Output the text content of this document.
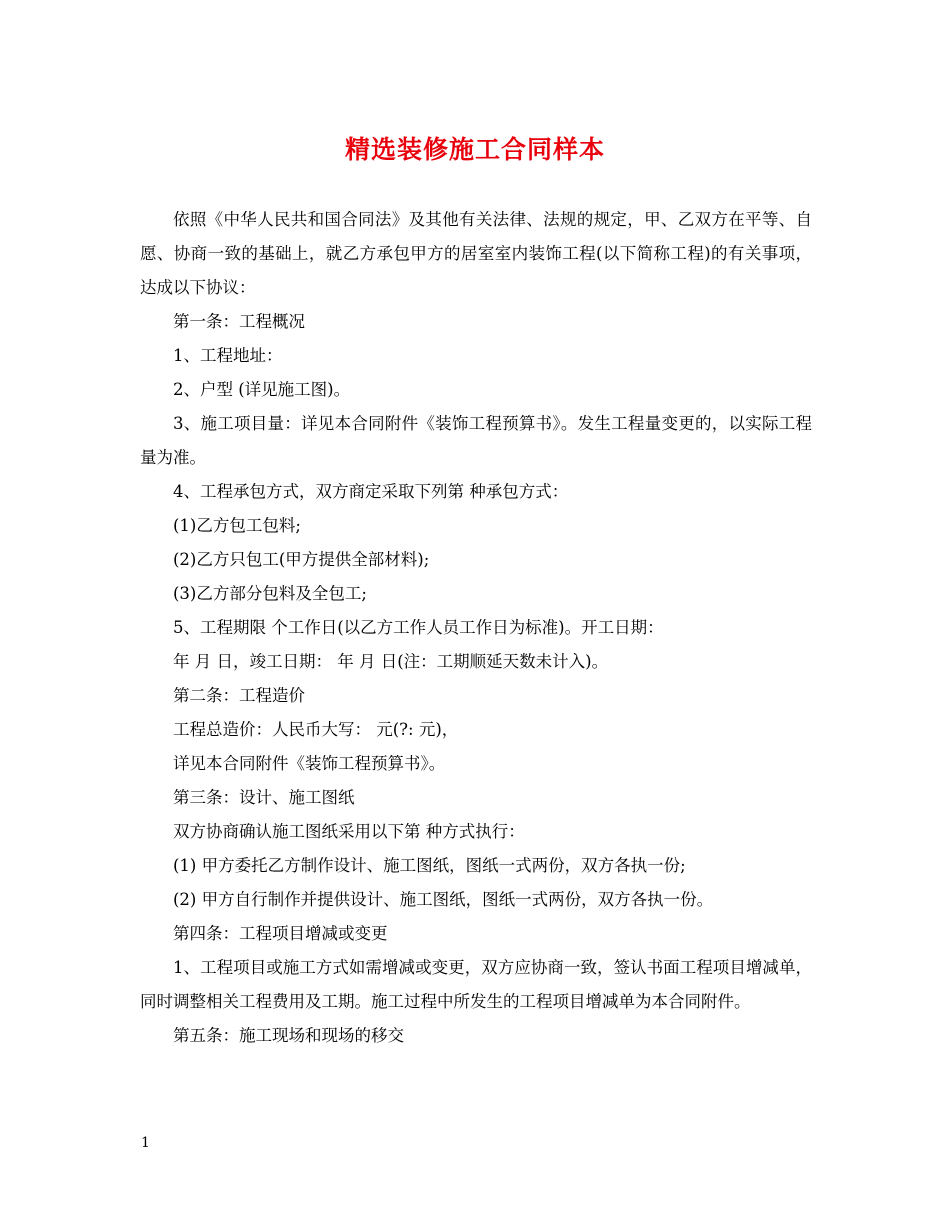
精选装修施工合同样本

依照《中华人民共和国合同法》及其他有关法律、法规的规定，甲、乙双方在平等、自愿、协商一致的基础上，就乙方承包甲方的居室室内装饰工程(以下简称工程)的有关事项，达成以下协议：

第一条：工程概况

1、工程地址：

2、户型 (详见施工图)。

3、施工项目量：详见本合同附件《装饰工程预算书》。发生工程量变更的，以实际工程量为准。

4、工程承包方式，双方商定采取下列第 种承包方式：

(1)乙方包工包料;

(2)乙方只包工(甲方提供全部材料);

(3)乙方部分包料及全包工;

5、工程期限 个工作日(以乙方工作人员工作日为标准)。开工日期：

年 月 日，竣工日期： 年 月 日(注：工期顺延天数未计入)。

第二条：工程造价

工程总造价：人民币大写： 元(?: 元)，

详见本合同附件《装饰工程预算书》。

第三条：设计、施工图纸

双方协商确认施工图纸采用以下第 种方式执行：

(1) 甲方委托乙方制作设计、施工图纸，图纸一式两份，双方各执一份;

(2) 甲方自行制作并提供设计、施工图纸，图纸一式两份，双方各执一份。

第四条：工程项目增减或变更

1、工程项目或施工方式如需增减或变更，双方应协商一致，签认书面工程项目增减单，同时调整相关工程费用及工期。施工过程中所发生的工程项目增减单为本合同附件。

第五条：施工现场和现场的移交

1
